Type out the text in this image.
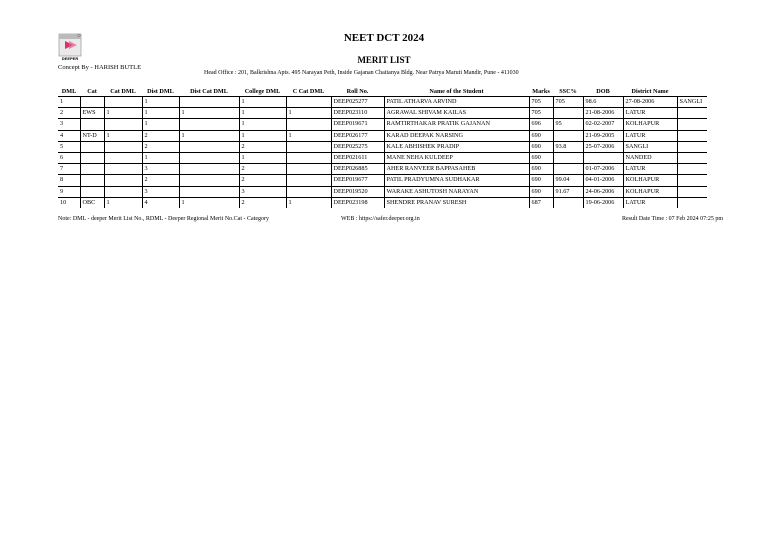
DEEPER
Concept By - HARISH BUTLE
NEET DCT 2024
MERIT LIST
Head Office : 201, Balkrishna Apts. 495 Narayan Peth, Inside Gajanan Chaitanya Bldg. Near Patrya Maruti Mandir, Pune - 411030
DML	Cat	Cat DML	Dist DML	Dist Cat DML	College DML	C Cat DML	Roll No.	Name of the Student	Marks	SSC%	DOB	District Name	
1			1		1		DEEP025277	PATIL ATHARVA ARVIND	705	705	98.6	27-08-2006	SANGLI
2	EWS	1	1	1	1	1	DEEP023110	AGRAWAL SHIVAM KAILAS	705		21-08-2006	LATUR	
3			1		1		DEEP019671	RAMTIRTHAKAR PRATIK GAJANAN	696	95	02-02-2007	KOLHAPUR	
4	NT-D	1	2	1	1	1	DEEP026177	KARAD DEEPAK NARSING	690		21-09-2005	LATUR	
5			2		2		DEEP025275	KALE ABHISHEK PRADIP	690	93.8	25-07-2006	SANGLI	
6			1		1		DEEP021611	MANE NEHA KULDEEP	690			NANDED	
7			3		2		DEEP026885	AHER RANVEER BAPPASAHEB	690		01-07-2006	LATUR	
8			2		2		DEEP019677	PATIL PRADYUMNA SUDHAKAR	690	99.04	04-01-2006	KOLHAPUR	
9			3		3		DEEP019520	WARAKE ASHUTOSH NARAYAN	690	91.67	24-06-2006	KOLHAPUR	
10	OBC	1	4	1	2	1	DEEP023198	SHENDRE PRANAV SURESH	687		19-06-2006	LATUR	
Note: DML - deeper Merit List No., RDML - Deeper Regional Merit No.Cat - Category	WEB : https://safer.deeper.org.in	Result Date Time : 07 Feb 2024 07:25 pm
